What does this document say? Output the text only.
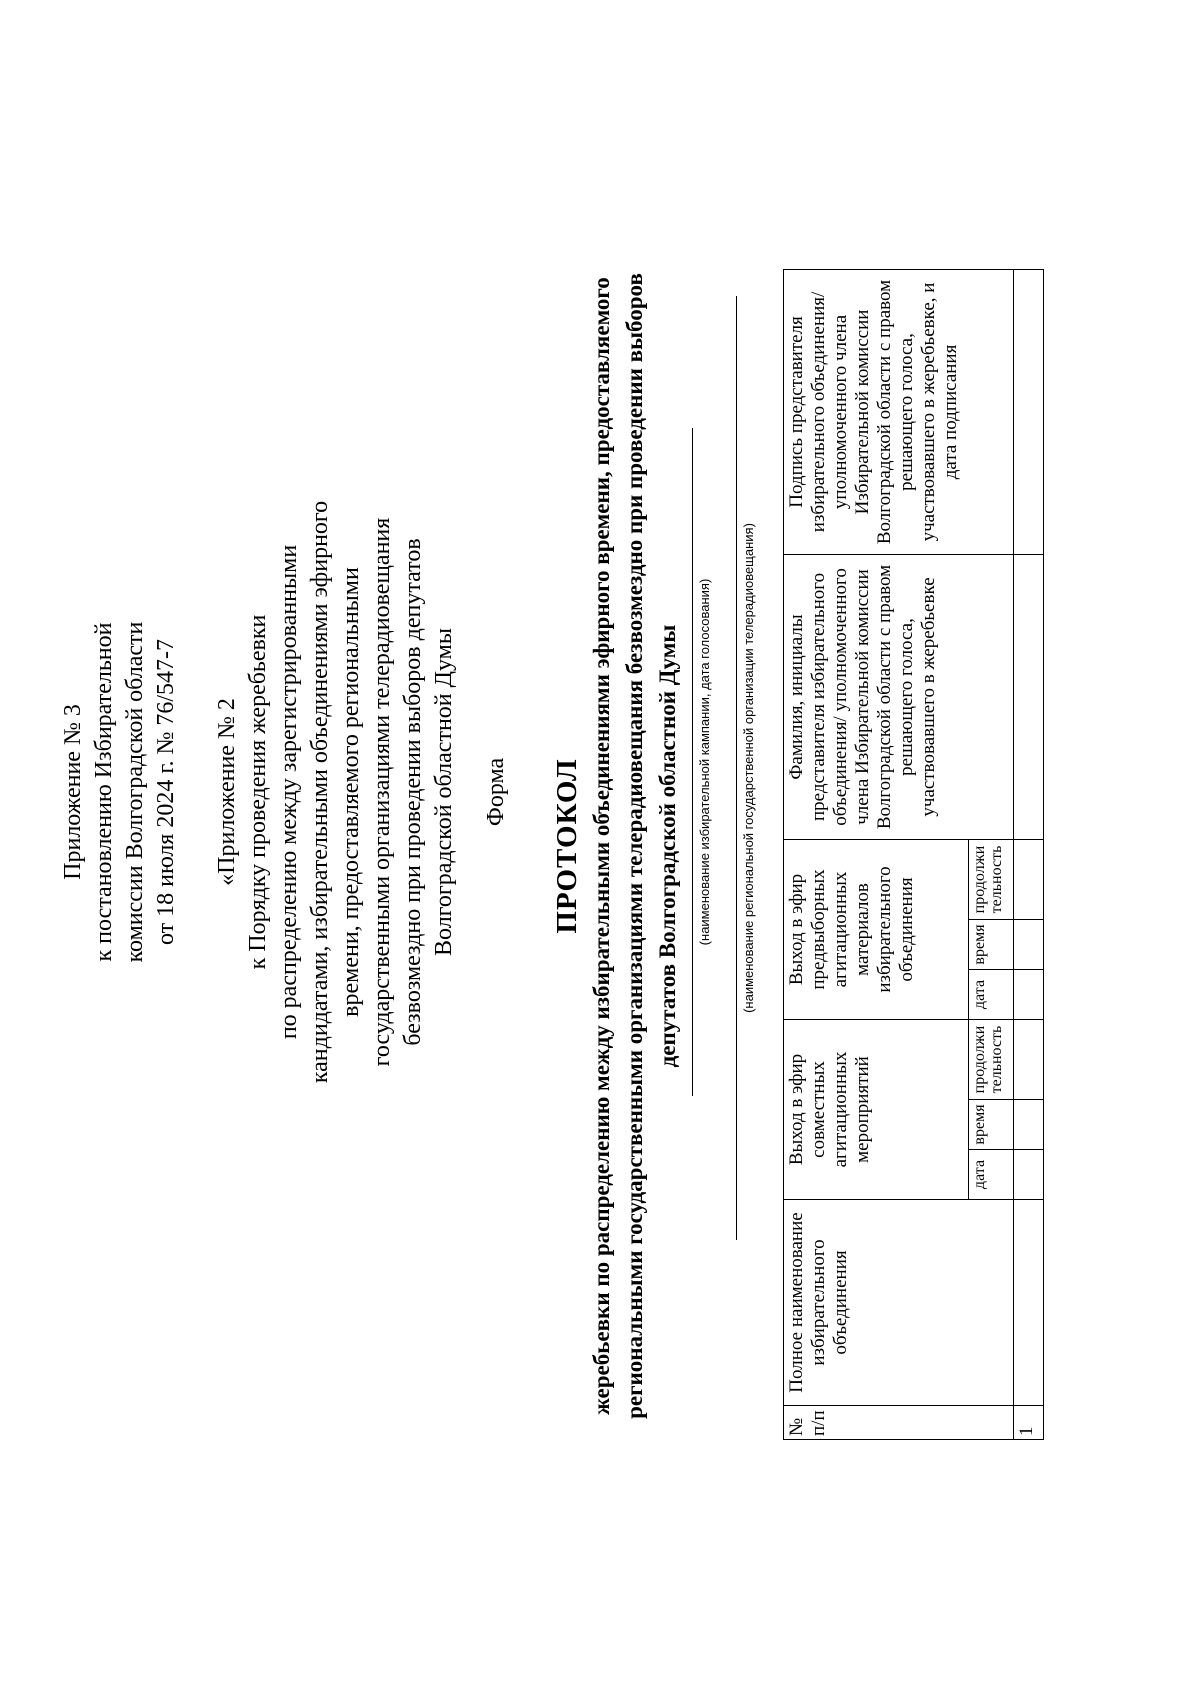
Приложение № 3 к постановлению Избирательной комиссии Волгоградской области от 18 июля 2024 г. № 76/547-7 «Приложение № 2 к Порядку проведения жеребьевки по распределению между зарегистрированными кандидатами, избирательными объединениями эфирного времени, предоставляемого региональными государственными организациями телерадиовещания безвозмездно при проведении выборов депутатов Волгоградской областной Думы Форма ПРОТОКОЛ жеребьевки по распределению между избирательными объединениями эфирного времени, предоставляемого региональными государственными организациями телерадиовещания безвозмездно при проведении выборов депутатов Волгоградской областной Думы	(наименование избирательной кампании, дата голосования) (наименование региональной государственной организации телерадиовещания)
№ п/п	Полное наименование избирательного объединения	Выход в эфир совместных агитационных мероприятий			Выход в эфир предвыборных агитационных материалов избирательного объединения			Фамилия, инициалы представителя избирательного объединения/ уполномоченного члена Избирательной комиссии Волгоградской области с правом решающего голоса, участвовавшего в жеребьевке	Подпись представителя избирательного объединения/ уполномоченного члена Избирательной комиссии Волгоградской области с правом решающего голоса, участвовавшего в жеребьевке, и дата подписания
		дата	время	продолжи тельность	дата	время	продолжи тельность		
1									
